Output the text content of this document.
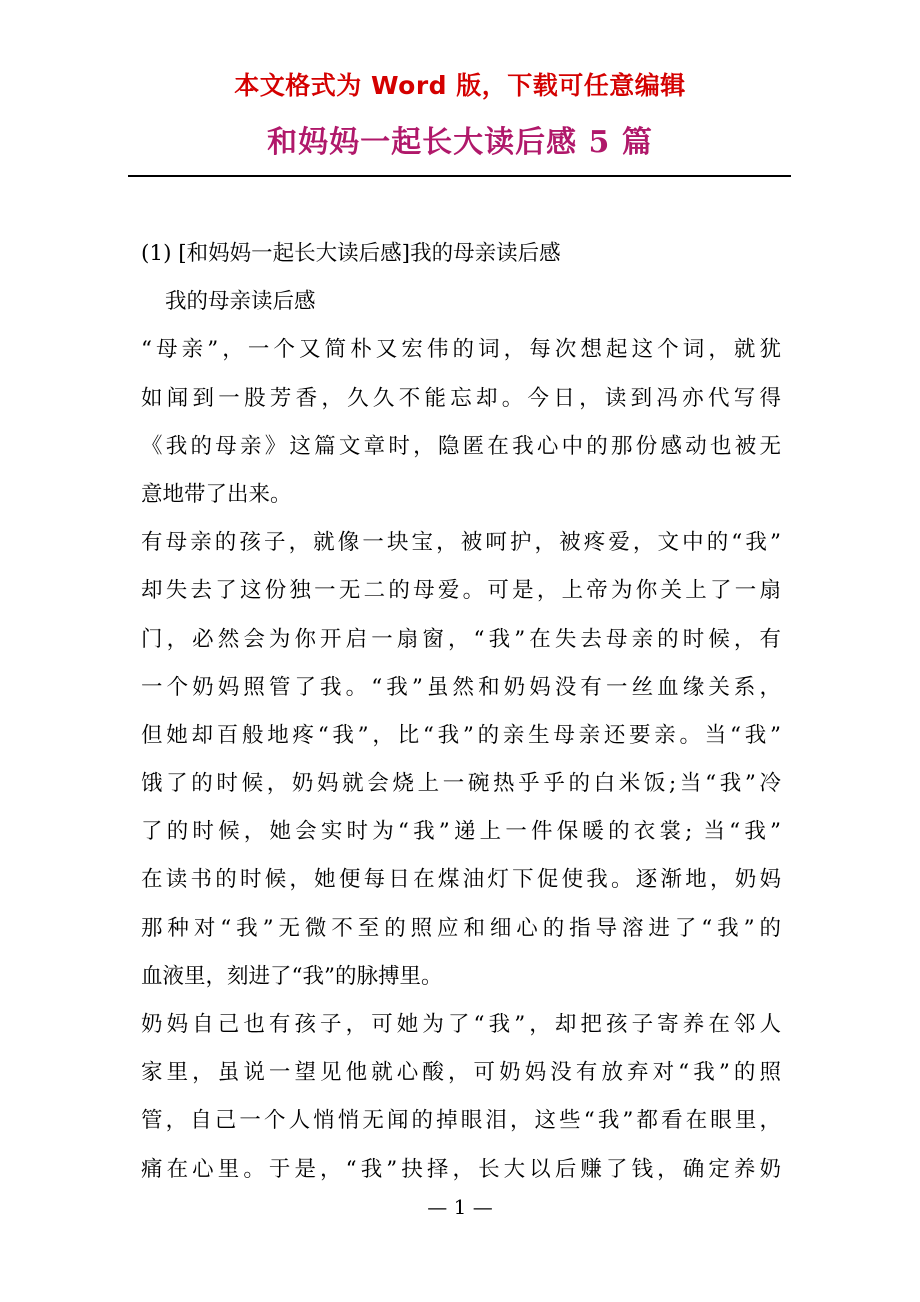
本文格式为 Word 版，下载可任意编辑
和妈妈一起长大读后感 5 篇
(1) [和妈妈一起长大读后感]我的母亲读后感
我的母亲读后感
“母亲”，一个又简朴又宏伟的词，每次想起这个词，就犹
如闻到一股芳香，久久不能忘却。今日，读到冯亦代写得
《我的母亲》这篇文章时，隐匿在我心中的那份感动也被无
意地带了出来。
有母亲的孩子，就像一块宝，被呵护，被疼爱，文中的“我”
却失去了这份独一无二的母爱。可是，上帝为你关上了一扇
门，必然会为你开启一扇窗，“我”在失去母亲的时候，有
一个奶妈照管了我。“我”虽然和奶妈没有一丝血缘关系，
但她却百般地疼“我”，比“我”的亲生母亲还要亲。当“我”
饿了的时候，奶妈就会烧上一碗热乎乎的白米饭;当“我”冷
了的时候，她会实时为“我”递上一件保暖的衣裳; 当“我”
在读书的时候，她便每日在煤油灯下促使我。逐渐地，奶妈
那种对“我”无微不至的照应和细心的指导溶进了“我”的
血液里，刻进了“我”的脉搏里。
奶妈自己也有孩子，可她为了“我”，却把孩子寄养在邻人
家里，虽说一望见他就心酸，可奶妈没有放弃对“我”的照
管，自己一个人悄悄无闻的掉眼泪，这些“我”都看在眼里，
痛在心里。于是，“我”抉择，长大以后赚了钱，确定养奶
— 1 —
